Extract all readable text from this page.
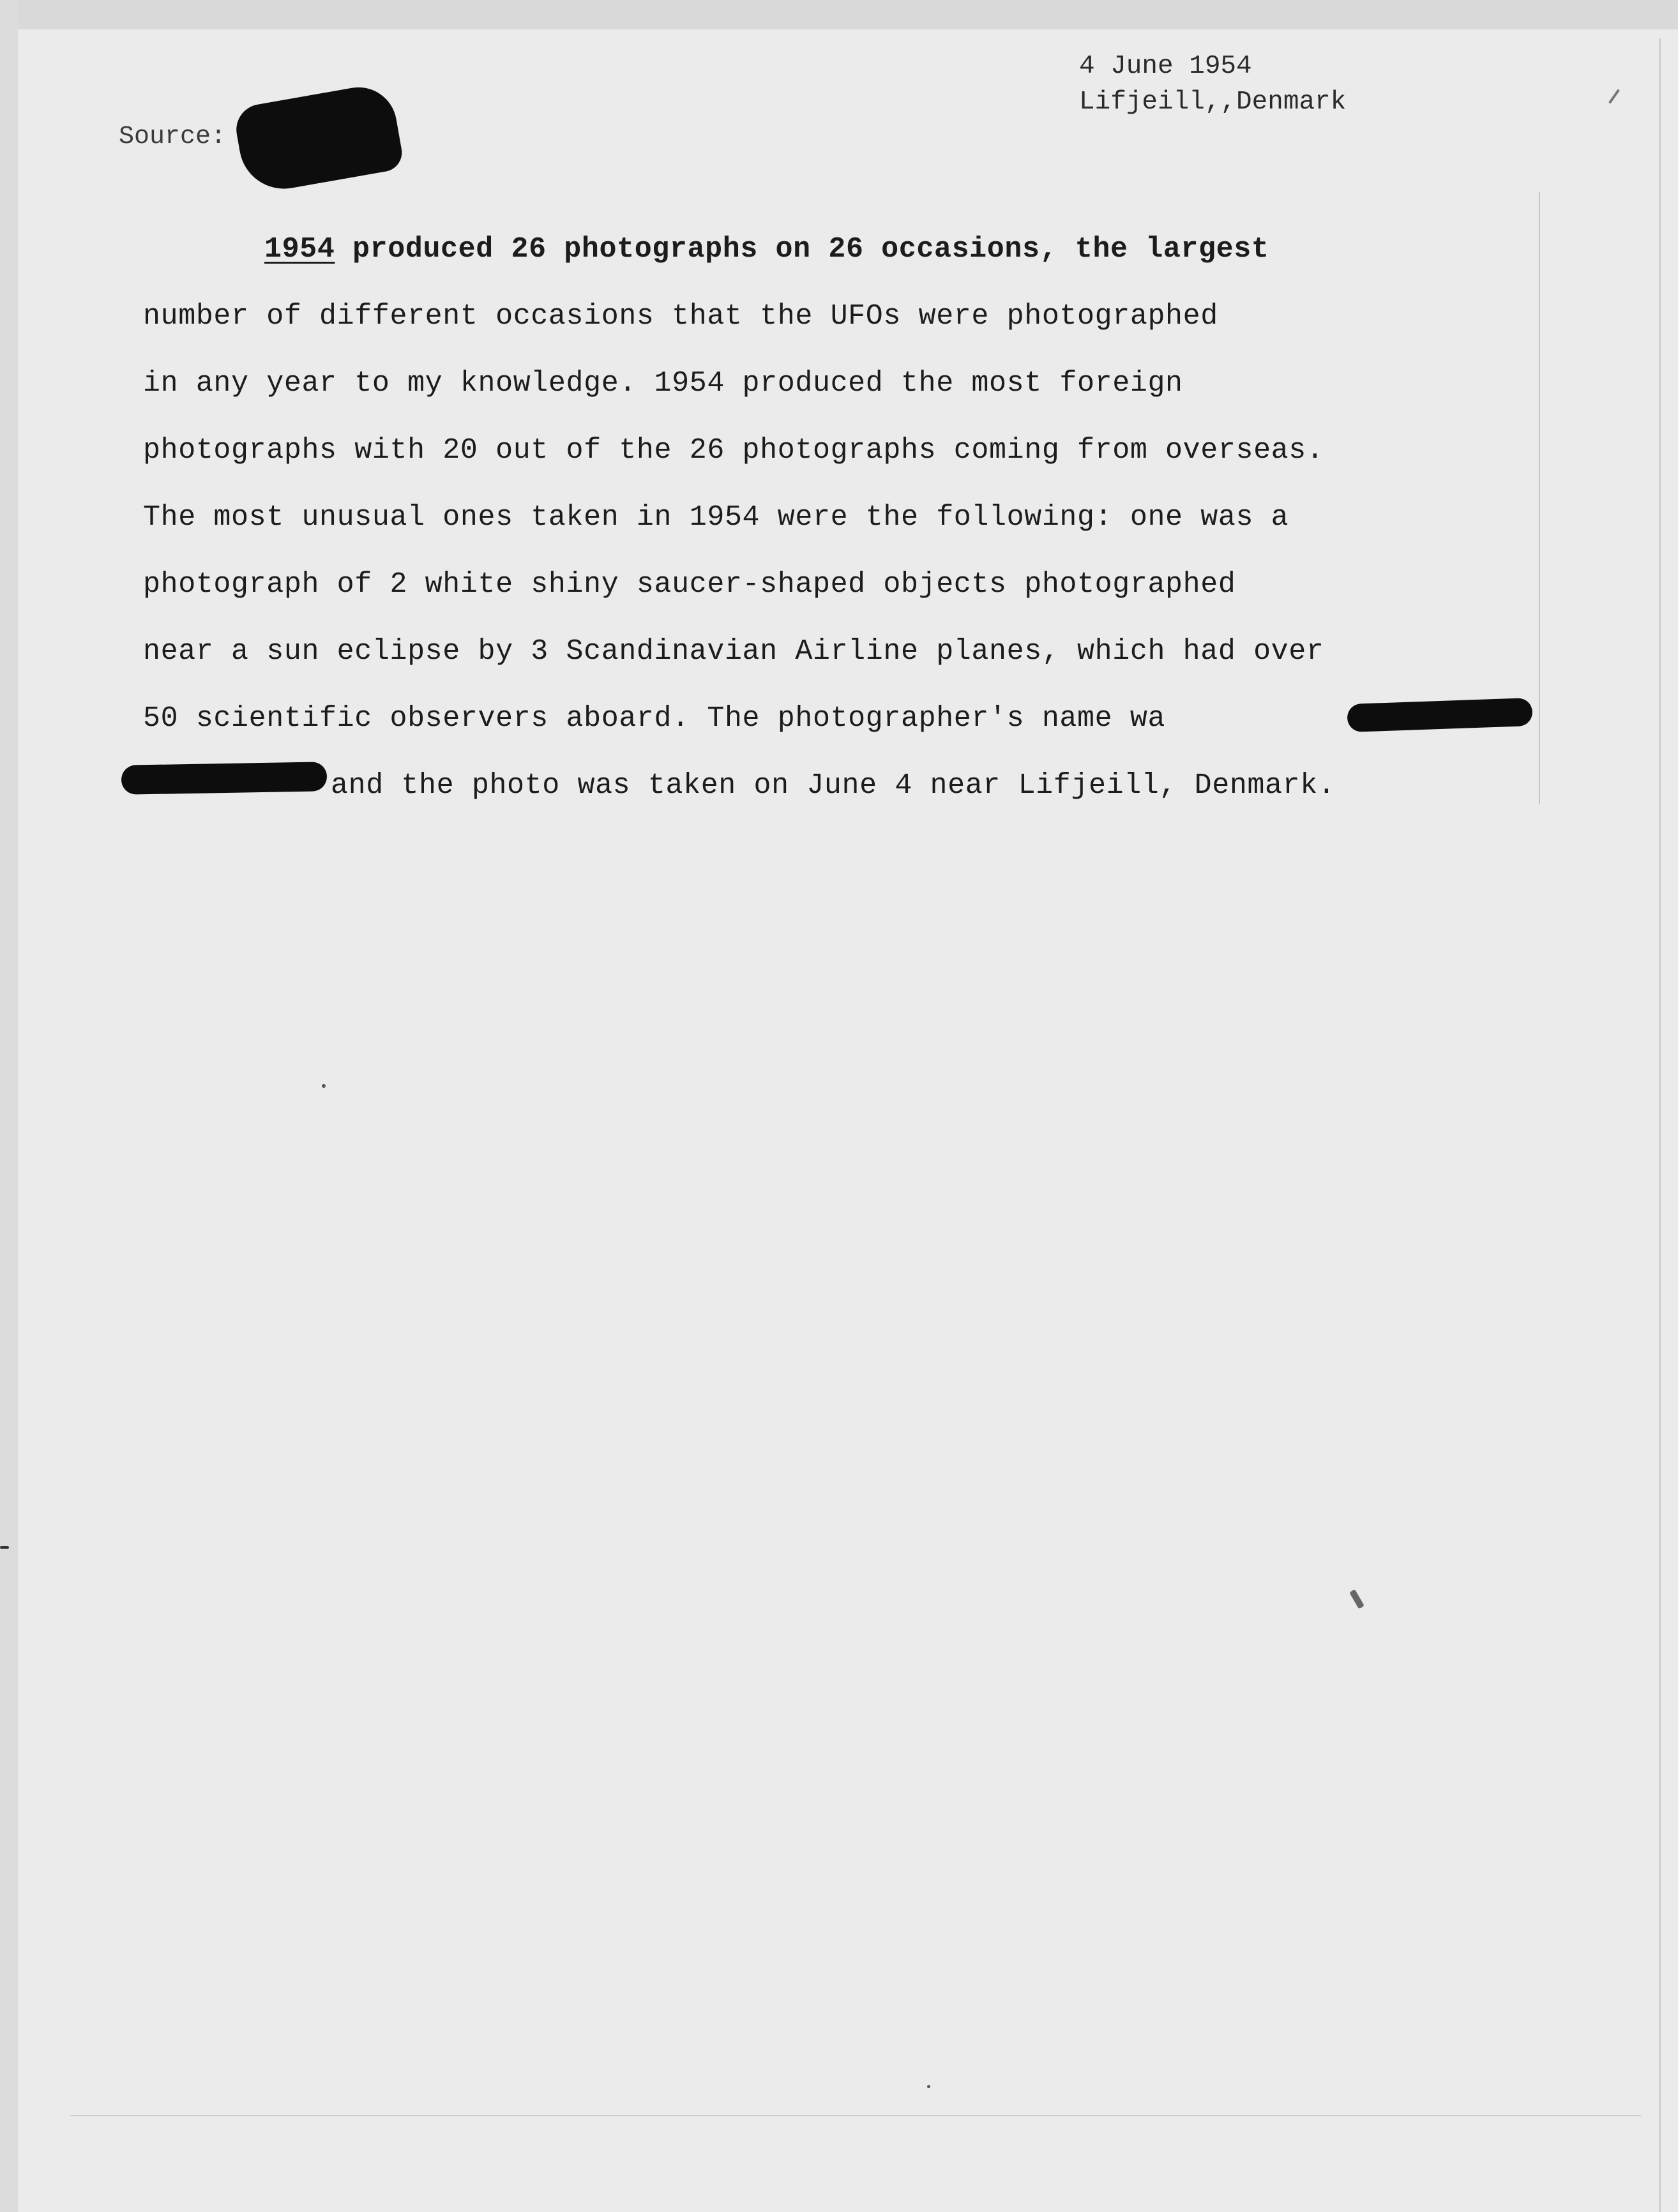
4 June 1954
Lifjeill,,Denmark
Source:
1954 produced 26 photographs on 26 occasions, the largest
number of different occasions that the UFOs were photographed
in any year to my knowledge. 1954 produced the most foreign
photographs with 20 out of the 26 photographs coming from overseas.
The most unusual ones taken in 1954 were the following: one was a
photograph of 2 white shiny saucer-shaped objects photographed
near a sun eclipse by 3 Scandinavian Airline planes, which had over
50 scientific observers aboard. The photographer's name wa
and the photo was taken on June 4 near Lifjeill, Denmark.
